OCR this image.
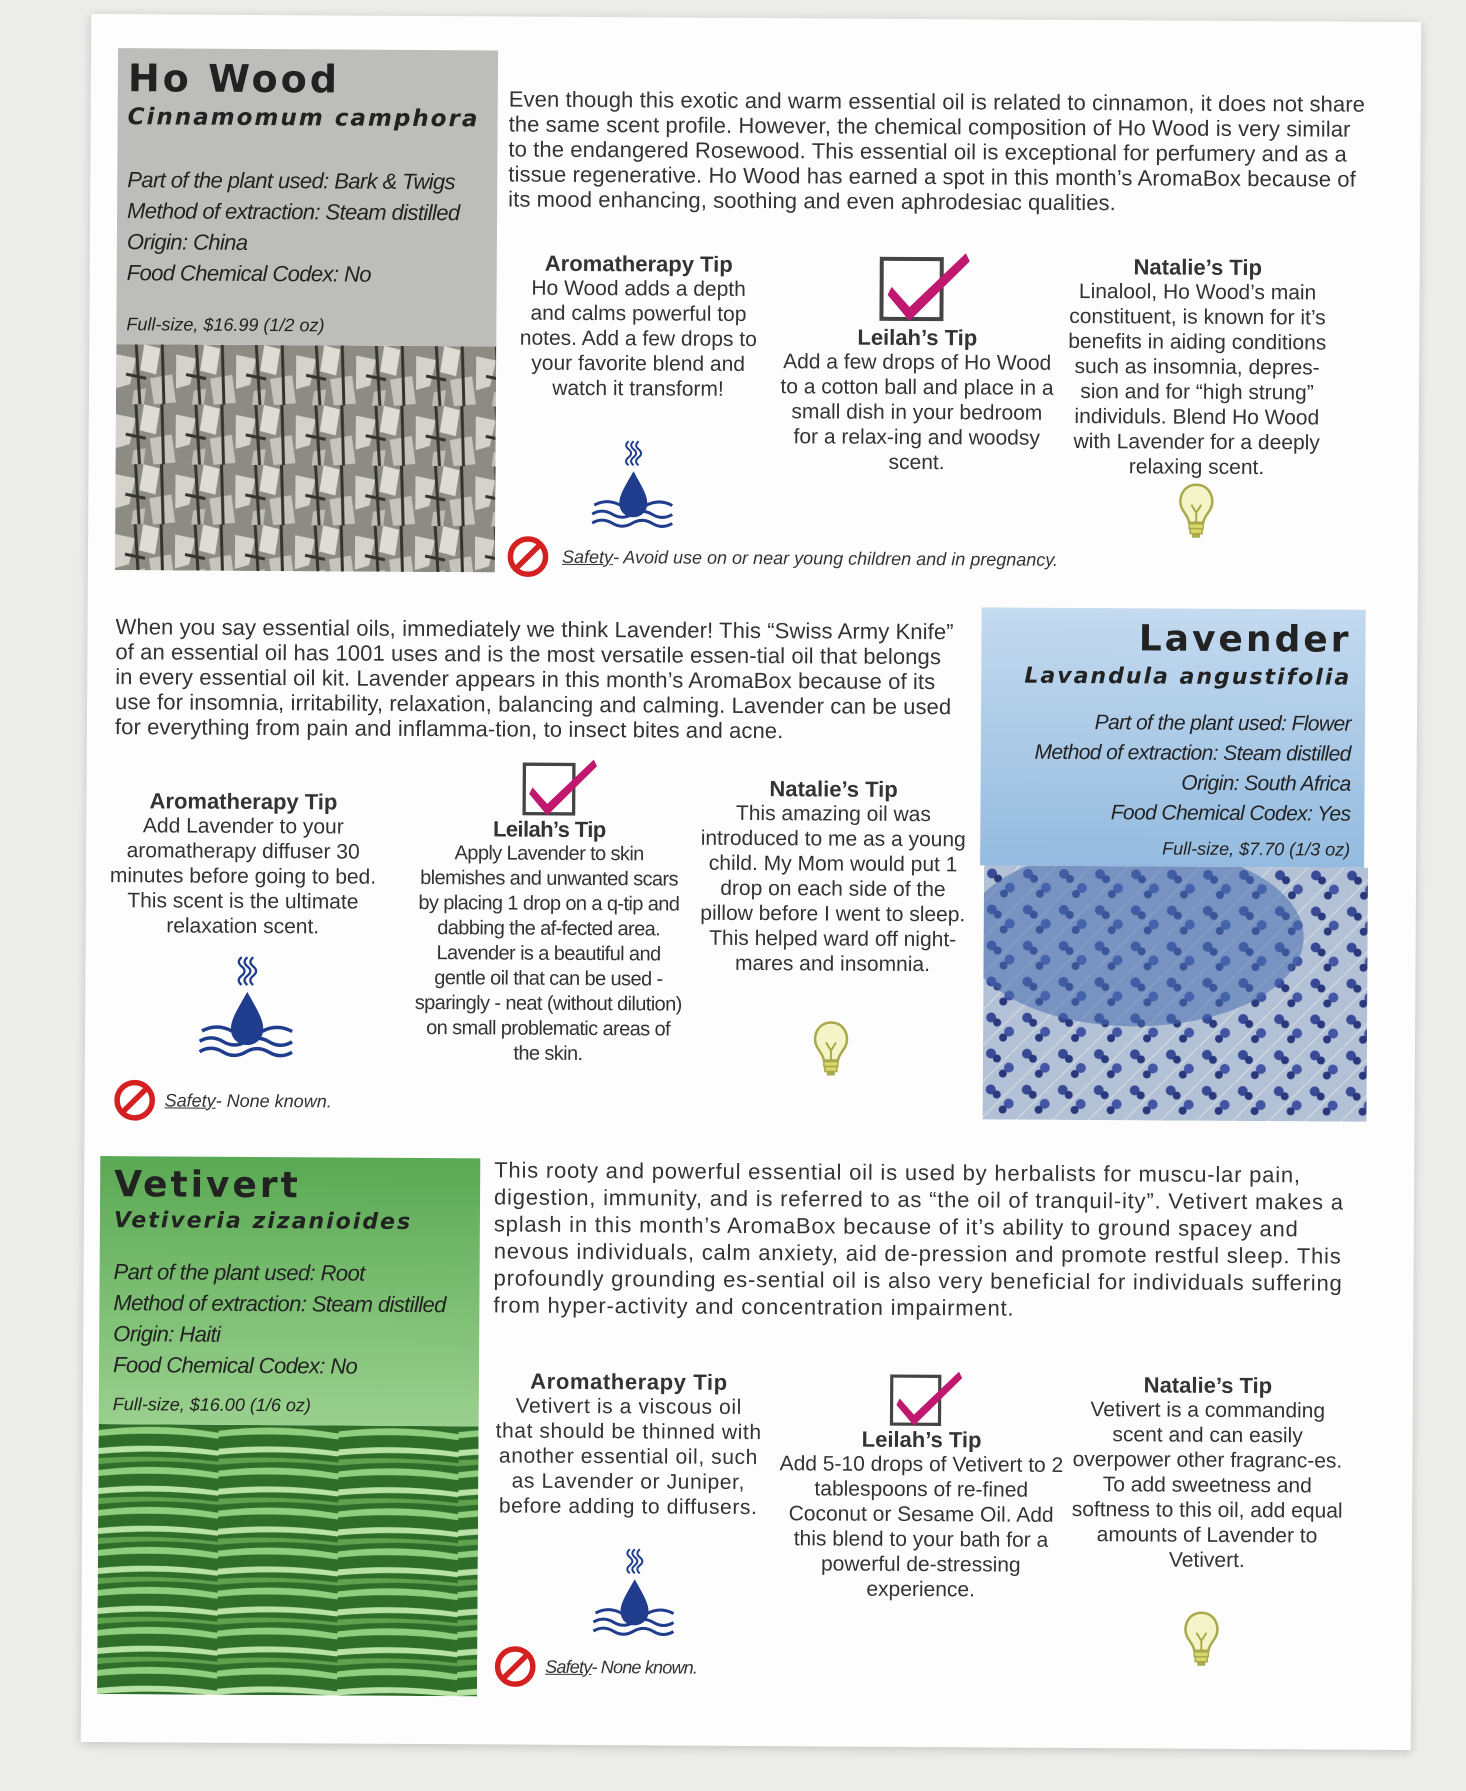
Ho Wood
Cinnamomum camphora
Part of the plant used: Bark & Twigs
Method of extraction: Steam distilled
Origin: China
Food Chemical Codex: No
Full-size, $16.99 (1/2 oz)
Even though this exotic and warm essential oil is related to cinnamon, it does not share the same scent profile. However, the chemical composition of Ho Wood is very similar to the endangered Rosewood. This essential oil is exceptional for perfumery and as a tissue regenerative. Ho Wood has earned a spot in this month’s AromaBox because of its mood enhancing, soothing and even aphrodesiac qualities.
Aromatherapy Tip

Ho Wood adds a depth and calms powerful top notes. Add a few drops to your favorite blend and watch it transform!

Leilah’s Tip

Add a few drops of Ho Wood to a cotton ball and place in a small dish in your bedroom for a relax-ing and woodsy scent.

Natalie’s Tip

Linalool, Ho Wood’s main constituent, is known for it’s benefits in aiding conditions such as insomnia, depres-sion and for “high strung” individuls. Blend Ho Wood with Lavender for a deeply relaxing scent.

Safety - Avoid use on or near young children and in pregnancy.
When you say essential oils, immediately we think Lavender! This “Swiss Army Knife” of an essential oil has 1001 uses and is the most versatile essen-tial oil that belongs in every essential oil kit. Lavender appears in this month’s AromaBox because of its use for insomnia, irritability, relaxation, balancing and calming. Lavender can be used for everything from pain and inflamma-tion, to insect bites and acne.
Aromatherapy Tip

Add Lavender to your aromatherapy diffuser 30 minutes before going to bed. This scent is the ultimate relaxation scent.

Safety - None known.
Leilah’s Tip

Apply Lavender to skin blemishes and unwanted scars by placing 1 drop on a q-tip and dabbing the af-fected area. Lavender is a beautiful and gentle oil that can be used - sparingly - neat (without dilution) on small problematic areas of the skin.

Natalie’s Tip

This amazing oil was introduced to me as a young child. My Mom would put 1 drop on each side of the pillow before I went to sleep. This helped ward off night-mares and insomnia.

Lavender
Lavandula angustifolia
Part of the plant used: Flower
Method of extraction: Steam distilled
Origin: South Africa
Food Chemical Codex: Yes
Full-size, $7.70 (1/3 oz)
Vetivert
Vetiveria zizanioides
Part of the plant used: Root
Method of extraction: Steam distilled
Origin: Haiti
Food Chemical Codex: No
Full-size, $16.00 (1/6 oz)
This rooty and powerful essential oil is used by herbalists for muscu-lar pain, digestion, immunity, and is referred to as “the oil of tranquil-ity”. Vetivert makes a splash in this month’s AromaBox because of it’s ability to ground spacey and nevous individuals, calm anxiety, aid de-pression and promote restful sleep. This profoundly grounding es-sential oil is also very beneficial for individuals suffering from hyper-activity and concentration impairment.
Aromatherapy Tip

Vetivert is a viscous oil that should be thinned with another essential oil, such as Lavender or Juniper, before adding to diffusers.

Safety - None known.
Leilah’s Tip

Add 5-10 drops of Vetivert to 2 tablespoons of re-fined Coconut or Sesame Oil. Add this blend to your bath for a powerful de-stressing experience.

Natalie’s Tip

Vetivert is a commanding scent and can easily overpower other fragranc-es. To add sweetness and softness to this oil, add equal amounts of Lavender to Vetivert.
